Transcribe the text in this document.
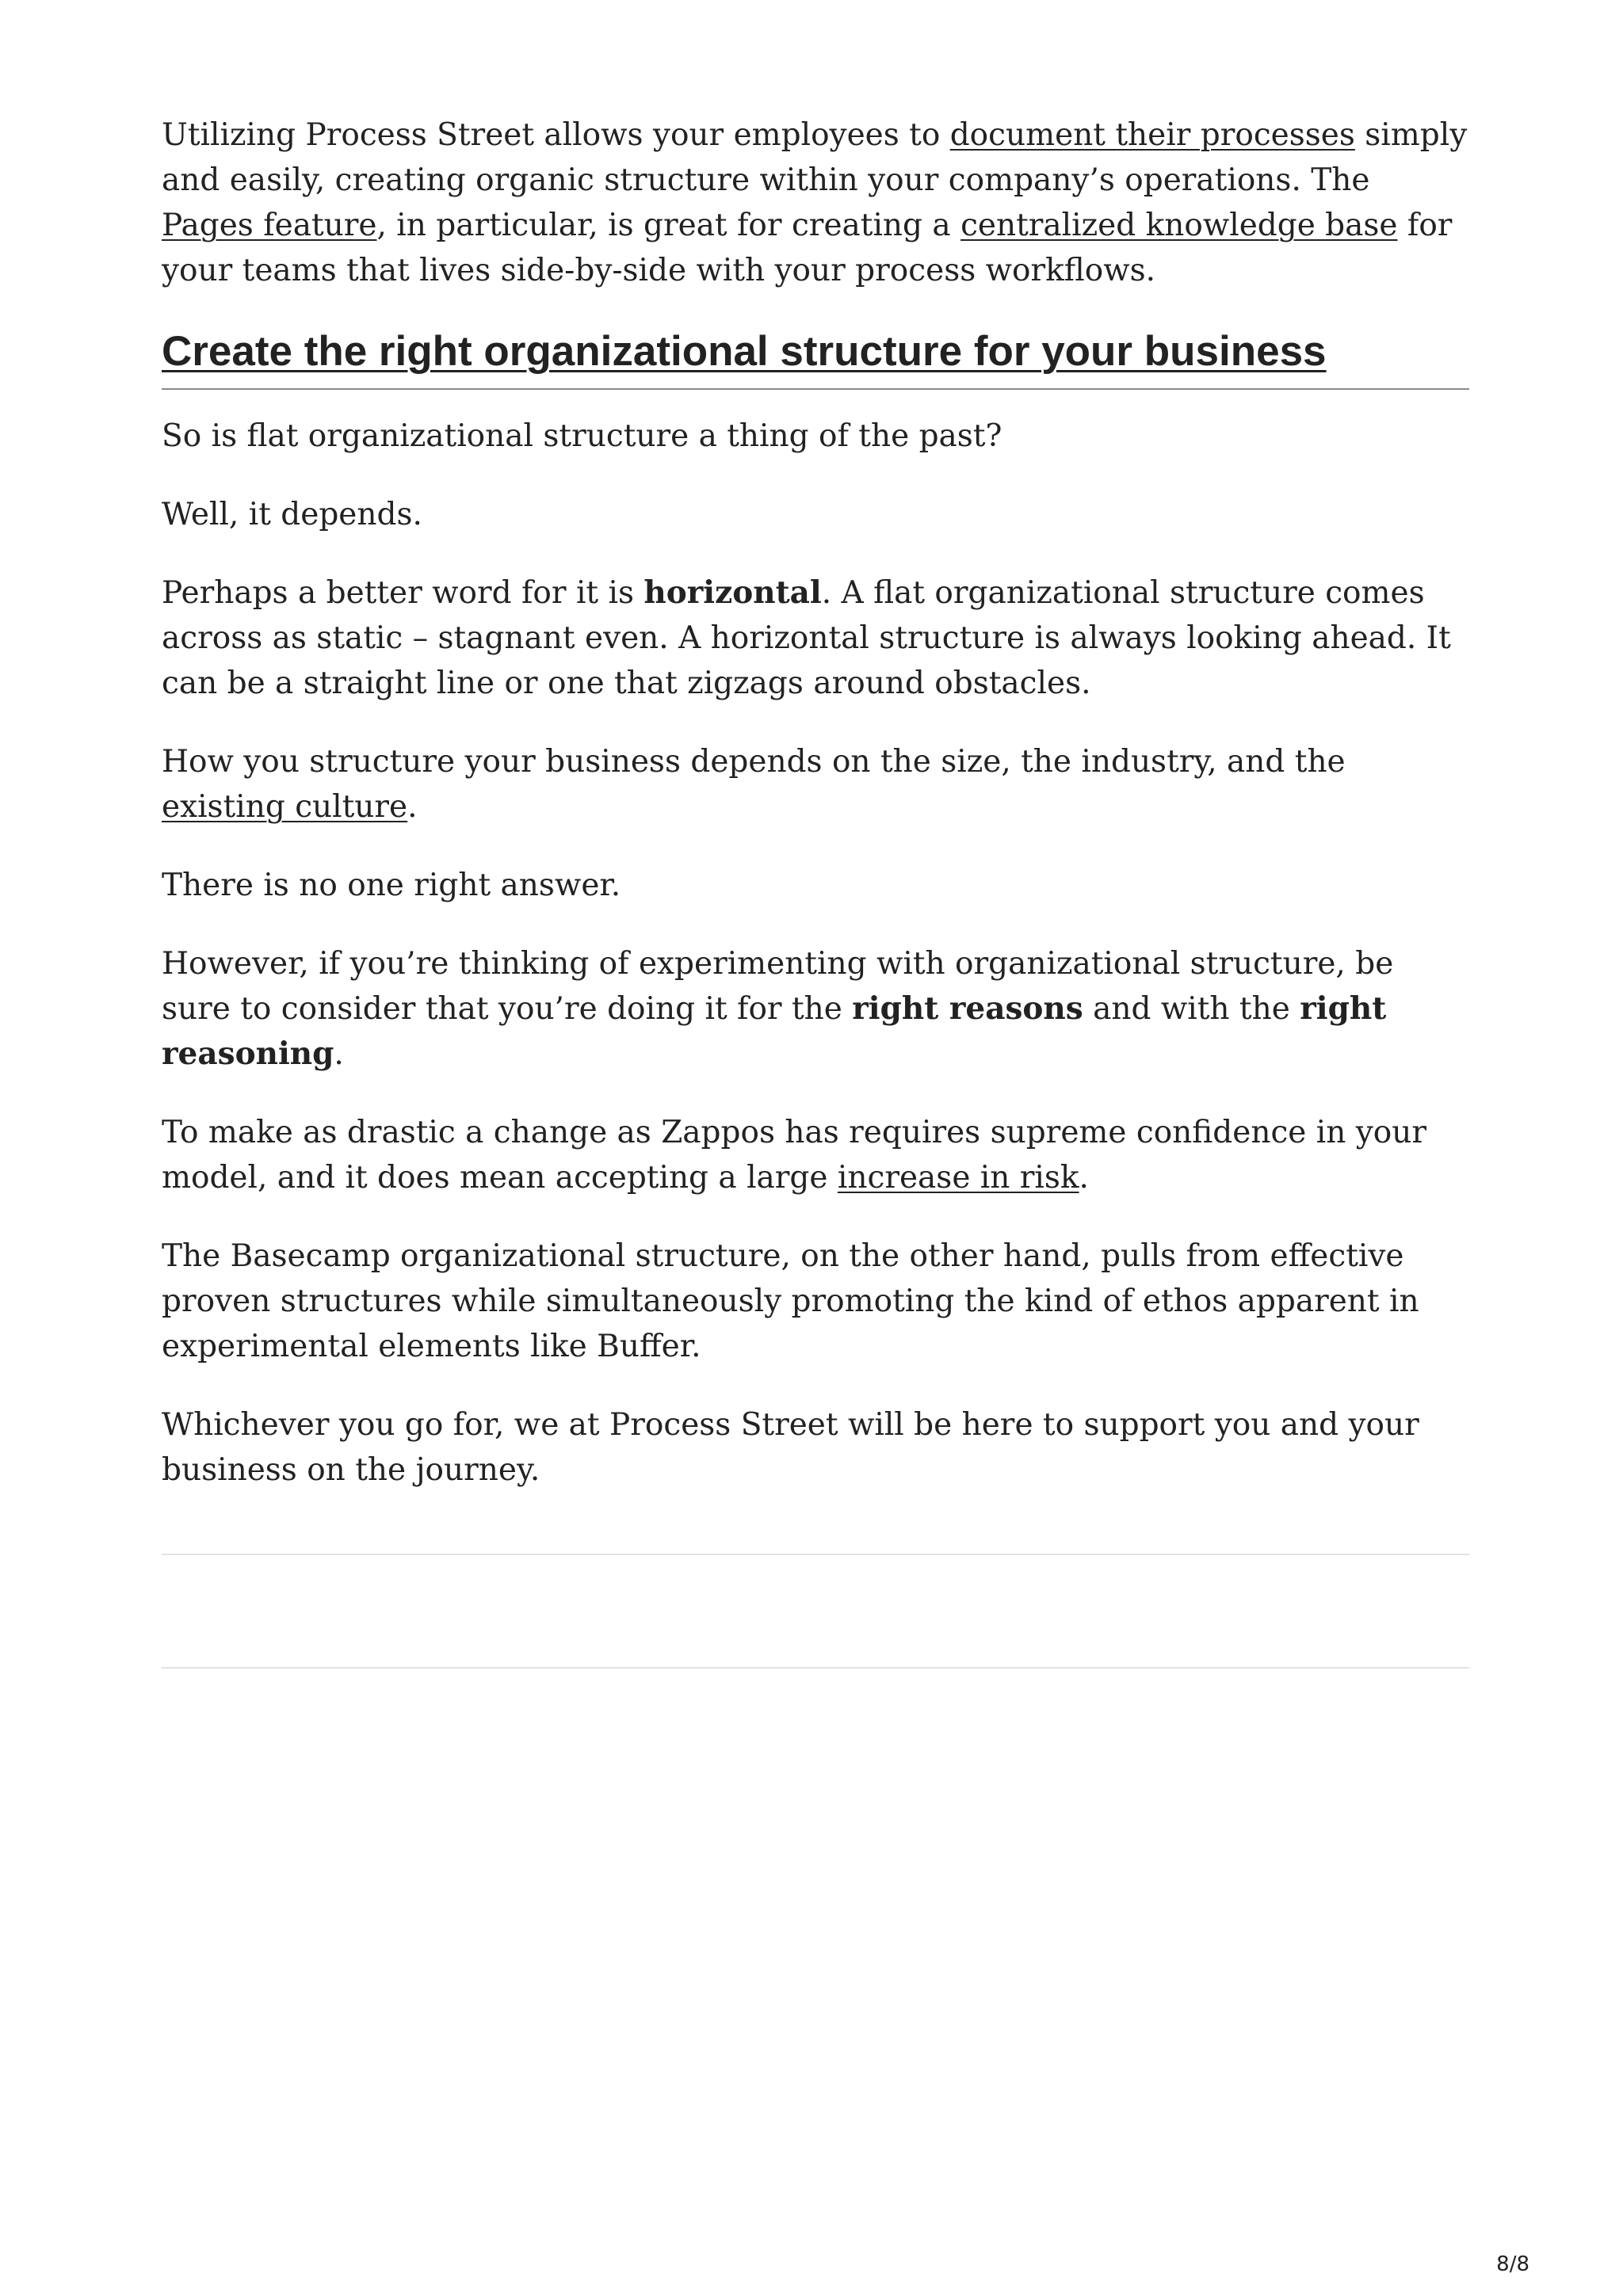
Utilizing Process Street allows your employees to document their processes simply and easily, creating organic structure within your company’s operations. The Pages feature, in particular, is great for creating a centralized knowledge base for your teams that lives side-by-side with your process workflows.

Create the right organizational structure for your business

So is flat organizational structure a thing of the past?

Well, it depends.

Perhaps a better word for it is horizontal. A flat organizational structure comes across as static – stagnant even. A horizontal structure is always looking ahead. It can be a straight line or one that zigzags around obstacles.

How you structure your business depends on the size, the industry, and the existing culture.

There is no one right answer.

However, if you’re thinking of experimenting with organizational structure, be sure to consider that you’re doing it for the right reasons and with the right reasoning.

To make as drastic a change as Zappos has requires supreme confidence in your model, and it does mean accepting a large increase in risk.

The Basecamp organizational structure, on the other hand, pulls from effective proven structures while simultaneously promoting the kind of ethos apparent in experimental elements like Buffer.

Whichever you go for, we at Process Street will be here to support you and your business on the journey.

8/8
